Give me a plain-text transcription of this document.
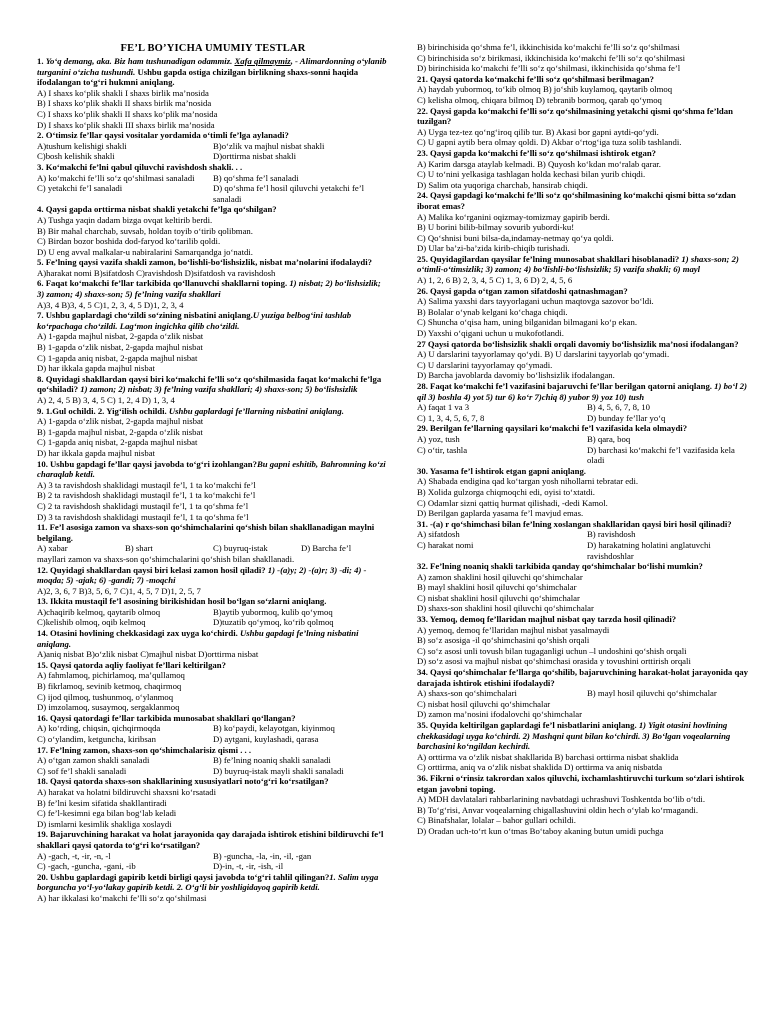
FE’L BO’YICHA UMUMIY TESTLAR

1. Yo‘q demang, aka. Biz ham tushunadigan odammiz. Xafa qilmaymiz, - Alimardonning o‘ylanib turganini o‘zicha tushundi. Ushbu gapda ostiga chizilgan birlikning shaxs-sonni haqida ifodalangan to‘g‘ri hukmni aniqlang.

A) I shaxs ko‘plik shakli I shaxs birlik ma’nosida

B) I shaxs ko‘plik shakli II shaxs birlik ma’nosida

C) I shaxs ko‘plik shakli II shaxs ko‘plik ma’nosida

D) I shaxs ko‘plik shakli III shaxs birlik ma’nosida

2. O‘timsiz fe’llar qaysi vositalar yordamida o‘timli fe’lga aylanadi?

A)tushum kelishigi shakli	B)o‘zlik va majhul nisbat shakli
C)bosh kelishik shakli	D)orttirma nisbat shakli

3. Ko‘makchi fe’lni qabul qiluvchi ravishdosh shakli. . .

A) ko‘makchi fe’lli so‘z qo‘shilmasi sanaladi	B) qo‘shma fe’l sanaladi
C) yetakchi fe’l sanaladi	D) qo‘shma fe’l hosil qiluvchi yetakchi fe’l sanaladi

4. Qaysi gapda orttirma nisbat shakli yetakchi fe’lga qo‘shilgan?

A) Tushga yaqin dadam bizga ovqat keltirib berdi.

B) Bir mahal charchab, suvsab, holdan toyib o‘tirib qolibman.

C) Birdan bozor boshida dod-faryod ko‘tarilib qoldi.

D) U eng avval malkalar-u nabiralarini Samarqandga jo‘natdi.

5. Fe’lning qaysi vazifa shakli zamon, bo‘lishli-bo‘lishsizlik, nisbat ma’nolarini ifodalaydi?

A)harakat nomi B)sifatdosh C)ravishdosh D)sifatdosh va ravishdosh

6. Faqat ko‘makchi fe’llar tarkibida qo‘llanuvchi shakllarni toping. 1) nisbat; 2) bo‘lishsizlik; 3) zamon; 4) shaxs-son; 5) fe’lning vazifa shakllari

A)3, 4 B)3, 4, 5 C)1, 2, 3, 4, 5 D)1, 2, 3, 4

7. Ushbu gaplardagi cho‘zildi so‘zining nisbatini aniqlang.U yuziga belbog‘ini tashlab ko‘rpachaga cho‘zildi. Lag‘mon ingichka qilib cho‘zildi.

A) 1-gapda majhul nisbat, 2-gapda o‘zlik nisbat

B) 1-gapda o‘zlik nisbat, 2-gapda majhul nisbat

C) 1-gapda aniq nisbat, 2-gapda majhul nisbat

D) har ikkala gapda majhul nisbat

8. Quyidagi shakllardan qaysi biri ko‘makchi fe’lli so‘z qo‘shilmasida faqat ko‘makchi fe’lga qo‘shiladi? 1) zamon; 2) nisbat; 3) fe’lning vazifa shakllari; 4) shaxs-son; 5) bo‘lishsizlik

A) 2, 4, 5 B) 3, 4, 5 C) 1, 2, 4 D) 1, 3, 4

9. 1.Gul ochildi. 2. Yig‘ilish ochildi. Ushbu gaplardagi fe’llarning nisbatini aniqlang.

A) 1-gapda o‘zlik nisbat, 2-gapda majhul nisbat

B) 1-gapda majhul nisbat, 2-gapda o‘zlik nisbat

C) 1-gapda aniq nisbat, 2-gapda majhul nisbat

D) har ikkala gapda majhul nisbat

10. Ushbu gapdagi fe’llar qaysi javobda to‘g‘ri izohlangan?Bu gapni eshitib, Bahromning ko‘zi charaqlab ketdi.

A) 3 ta ravishdosh shaklidagi mustaqil fe’l, 1 ta ko‘makchi fe’l

B) 2 ta ravishdosh shaklidagi mustaqil fe’l, 1 ta ko‘makchi fe’l

C) 2 ta ravishdosh shaklidagi mustaqil fe’l, 1 ta qo‘shma fe’l

D) 3 ta ravishdosh shaklidagi mustaqil fe’l, 1 ta qo‘shma fe’l

11. Fe’l asosiga zamon va shaxs-son qo‘shimchalarini qo‘shish bilan shakllanadigan maylni belgilang.

A) xabar	B) shart	C) buyruq-istak	D) Barcha fe’l

mayllari zamon va shaxs-son qo‘shimchalarini qo‘shish bilan shakllanadi.

12. Quyidagi shakllardan qaysi biri kelasi zamon hosil qiladi? 1) -(a)y; 2) -(a)r; 3) -di; 4) -moqda; 5) -ajak; 6) -gandi; 7) -moqchi

A)2, 3, 6, 7 B)3, 5, 6, 7 C)1, 4, 5, 7 D)1, 2, 5, 7

13. Ikkita mustaqil fe’l asosining birikishidan hosil bo‘lgan so‘zlarni aniqlang.

A)chaqirib kelmoq, qaytarib olmoq	B)aytib yubormoq, kulib qo‘ymoq
C)kelishib olmoq, oqib kelmoq	D)tuzatib qo‘ymoq, ko‘rib qolmoq

14. Otasini hovlining chekkasidagi zax uyga ko‘chirdi. Ushbu gapdagi fe’lning nisbatini aniqlang.

A)aniq nisbat B)o‘zlik nisbat C)majhul nisbat D)orttirma nisbat

15. Qaysi qatorda aqliy faoliyat fe’llari keltirilgan?

A) fahmlamoq, pichirlamoq, ma’qullamoq

B) fikrlamoq, sevinib ketmoq, chaqirmoq

C) ijod qilmoq, tushunmoq, o‘ylanmoq

D) imzolamoq, susaymoq, sergaklanmoq

16. Qaysi qatordagi fe’llar tarkibida munosabat shakllari qo‘llangan?

A) ko‘rding, chiqsin, qichqirmoqda	B) ko‘paydi, kelayotgan, kiyinmoq
C) o‘ylandim, ketguncha, kiribsan	D) aytgani, kuylashadi, qarasa

17. Fe’lning zamon, shaxs-son qo‘shimchalarisiz qismi . . .

A) o‘tgan zamon shakli sanaladi	B) fe’lning noaniq shakli sanaladi
C) sof fe’l shakli sanaladi	D) buyruq-istak mayli shakli sanaladi

18. Qaysi qatorda shaxs-son shakllarining xususiyatlari noto‘g‘ri ko‘rsatilgan?

A) harakat va holatni bildiruvchi shaxsni ko‘rsatadi

B) fe’lni kesim sifatida shakllantiradi

C) fe’l-kesimni ega bilan bog‘lab keladi

D) ismlarni kesimlik shakliga xoslaydi

19. Bajaruvchining harakat va holat jarayonida qay darajada ishtirok etishini bildiruvchi fe’l shakllari qaysi qatorda to‘g‘ri ko‘rsatilgan?

A) -gach, -t, -ir, -n, -l	B) -guncha, -la, -in, -il, -gan
C) -gach, -guncha, -gani, -ib	D)-in, -t, -ir, -ish, -il

20. Ushbu gaplardagi gapirib ketdi birligi qaysi javobda to‘g‘ri tahlil qilingan?1. Salim uyga borguncha yo‘l-yo‘lakay gapirib ketdi. 2. O‘g‘li bir yoshligidayoq gapirib ketdi.

A) har ikkalasi ko‘makchi fe’lli so‘z qo‘shilmasi

B) birinchisida qo‘shma fe’l, ikkinchisida ko‘makchi fe’lli so‘z qo‘shilmasi

C) birinchisida so‘z birikmasi, ikkinchisida ko‘makchi fe’lli so‘z qo‘shilmasi

D) birinchisida ko‘makchi fe’lli so‘z qo‘shilmasi, ikkinchisida qo‘shma fe’l

21. Qaysi qatorda ko‘makchi fe’lli so‘z qo‘shilmasi berilmagan?

A) haydab yubormoq, to‘kib olmoq B) jo‘shib kuylamoq, qaytarib olmoq

C) kelisha olmoq, chiqara bilmoq D) tebranib bormoq, qarab qo‘ymoq

22. Qaysi gapda ko‘makchi fe’lli so‘z qo‘shilmasining yetakchi qismi qo‘shma fe’ldan tuzilgan?

A) Uyga tez-tez qo‘ng‘iroq qilib tur. B) Akasi bor gapni aytdi-qo‘ydi.

C) U gapni aytib bera olmay qoldi. D) Akbar o‘rtog‘iga tuza solib tashlandi.

23. Qaysi gapda ko‘makchi fe’lli so‘z qo‘shilmasi ishtirok etgan?

A) Karim darsga ataylab kelmadi. B) Quyosh ko‘kdan mo‘ralab qarar.

C) U to‘nini yelkasiga tashlagan holda kechasi bilan yurib chiqdi.

D) Salim ota yuqoriga charchab, hansirab chiqdi.

24. Qaysi gapdagi ko‘makchi fe’lli so‘z qo‘shilmasining ko‘makchi qismi bitta so‘zdan iborat emas?

A) Malika ko‘rganini oqizmay-tomizmay gapirib berdi.

B) U borini bilib-bilmay sovurib yubordi-ku!

C) Qo‘shnisi buni bilsa-da,indamay-netmay qo‘ya qoldi.

D) Ular ba’zi-ba’zida kirib-chiqib turishadi.

25. Quyidagilardan qaysilar fe’lning munosabat shakllari hisoblanadi? 1) shaxs-son; 2) o‘timli-o‘timsizlik; 3) zamon; 4) bo‘lishli-bo‘lishsizlik; 5) vazifa shakli; 6) mayl

A) 1, 2, 6 B) 2, 3, 4, 5 C) 1, 3, 6 D) 2, 4, 5, 6

26. Qaysi gapda o‘tgan zamon sifatdoshi qatnashmagan?

A) Salima yaxshi dars tayyorlagani uchun maqtovga sazovor bo‘ldi.

B) Bolalar o‘ynab kelgani ko‘chaga chiqdi.

C) Shuncha o‘qisa ham, uning bilganidan bilmagani ko‘p ekan.

D) Yaxshi o‘qigani uchun u mukofotlandi.

27 Qaysi qatorda bo‘lishsizlik shakli orqali davomiy bo‘lishsizlik ma’nosi ifodalangan?

A) U darslarini tayyorlamay qo‘ydi. B) U darslarini tayyorlab qo‘ymadi.

C) U darslarini tayyorlamay qo‘ymadi.

D) Barcha javoblarda davomiy bo‘lishsizlik ifodalangan.

28. Faqat ko‘makchi fe’l vazifasini bajaruvchi fe’llar berilgan qatorni aniqlang. 1) bo‘l 2) qil 3) boshla 4) yot 5) tur 6) ko‘r 7)chiq 8) yubor 9) yoz 10) tush

A) faqat 1 va 3	B) 4, 5, 6, 7, 8, 10
C) 1, 3, 4, 5, 6, 7, 8	D) bunday fe’llar yo‘q

29. Berilgan fe’llarning qaysilari ko‘makchi fe’l vazifasida kela olmaydi?

A) yoz, tush	B) qara, boq
C) o‘tir, tashla	D) barchasi ko‘makchi fe’l vazifasida kela oladi

30. Yasama fe’l ishtirok etgan gapni aniqlang.

A) Shabada endigina qad ko‘targan yosh nihollarni tebratar edi.

B) Xolida gulzorga chiqmoqchi edi, oyisi to‘xtatdi.

C) Odamlar sizni qattiq hurmat qilishadi, -dedi Kamol.

D) Berilgan gaplarda yasama fe’l mavjud emas.

31. -(a) r qo‘shimchasi bilan fe’lning xoslangan shakllaridan qaysi biri hosil qilinadi?

A) sifatdosh	B) ravishdosh
C) harakat nomi	D) harakatning holatini anglatuvchi ravishdoshlar

32. Fe’lning noaniq shakli tarkibida qanday qo‘shimchalar bo‘lishi mumkin?

A) zamon shaklini hosil qiluvchi qo‘shimchalar

B) mayl shaklini hosil qiluvchi qo‘shimchalar

C) nisbat shaklini hosil qiluvchi qo‘shimchalar

D) shaxs-son shaklini hosil qiluvchi qo‘shimchalar

33. Yemoq, demoq fe’llaridan majhul nisbat qay tarzda hosil qilinadi?

A) yemoq, demoq fe’llaridan majhul nisbat yasalmaydi

B) so‘z asosiga -il qo‘shimchasini qo‘shish orqali

C) so‘z asosi unli tovush bilan tugaganligi uchun –l undoshini qo‘shish orqali

D) so‘z asosi va majhul nisbat qo‘shimchasi orasida y tovushini orttirish orqali

34. Qaysi qo‘shimchalar fe’llarga qo‘shilib, bajaruvchining harakat-holat jarayonida qay darajada ishtirok etishini ifodalaydi?

A) shaxs-son qo‘shimchalari	B) mayl hosil qiluvchi qo‘shimchalar

C) nisbat hosil qiluvchi qo‘shimchalar

D) zamon ma’nosini ifodalovchi qo‘shimchalar

35. Quyida keltirilgan gaplardagi fe’l nisbatlarini aniqlang. 1) Yigit otasini hovlining chekkasidagi uyga ko‘chirdi. 2) Mashqni qunt bilan ko‘chirdi. 3) Bo‘lgan voqealarning barchasini ko‘ngildan kechirdi.

A) orttirma va o‘zlik nisbat shakllarida B) barchasi orttirma nisbat shaklida

C) orttirma, aniq va o‘zlik nisbat shaklida D) orttirma va aniq nisbatda

36. Fikrni o‘rinsiz takrordan xalos qiluvchi, ixchamlashtiruvchi turkum so‘zlari ishtirok etgan javobni toping.

A) MDH davlatalari rahbarlarining navbatdagi uchrashuvi Toshkentda bo‘lib o‘tdi.

B) To‘g‘risi, Anvar voqealarning chigallashuvini oldin hech o‘ylab ko‘rmagandi.

C) Binafshalar, lolalar – bahor gullari ochildi.

D) Oradan uch-to‘rt kun o‘tmas Bo‘taboy akaning butun umidi puchga
